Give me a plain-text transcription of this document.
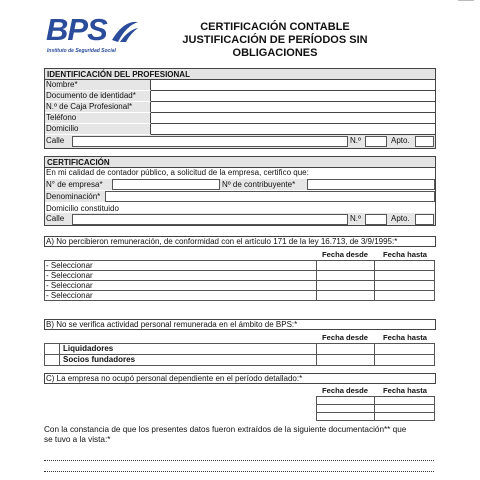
BPS
Instituto de Seguridad Social
CERTIFICACIÓN CONTABLE
JUSTIFICACIÓN DE PERÍODOS SIN OBLIGACIONES
IDENTIFICACIÓN DEL PROFESIONAL
Nombre*
Documento de identidad*
N.º de Caja Profesional*
Teléfono
Domicilio
Calle	N.º	Apto.
CERTIFICACIÓN
En mi calidad de contador público, a solicitud de la empresa, certifico que:
N° de empresa*	Nº de contribuyente*
Denominación*
Domicilio constituido
Calle	N.º	Apto.
A) No percibieron remuneración, de conformidad con el artículo 171 de la ley 16.713, de 3/9/1995:*
Fecha desde	Fecha hasta
- Seleccionar
- Seleccionar
- Seleccionar
- Seleccionar
B) No se verifica actividad personal remunerada en el ámbito de BPS:*
Fecha desde	Fecha hasta
Liquidadores
Socios fundadores
C) La empresa no ocupó personal dependiente en el período detallado:*
Fecha desde	Fecha hasta
Con la constancia de que los presentes datos fueron extraídos de la siguiente documentación** que
se tuvo a la vista:*
